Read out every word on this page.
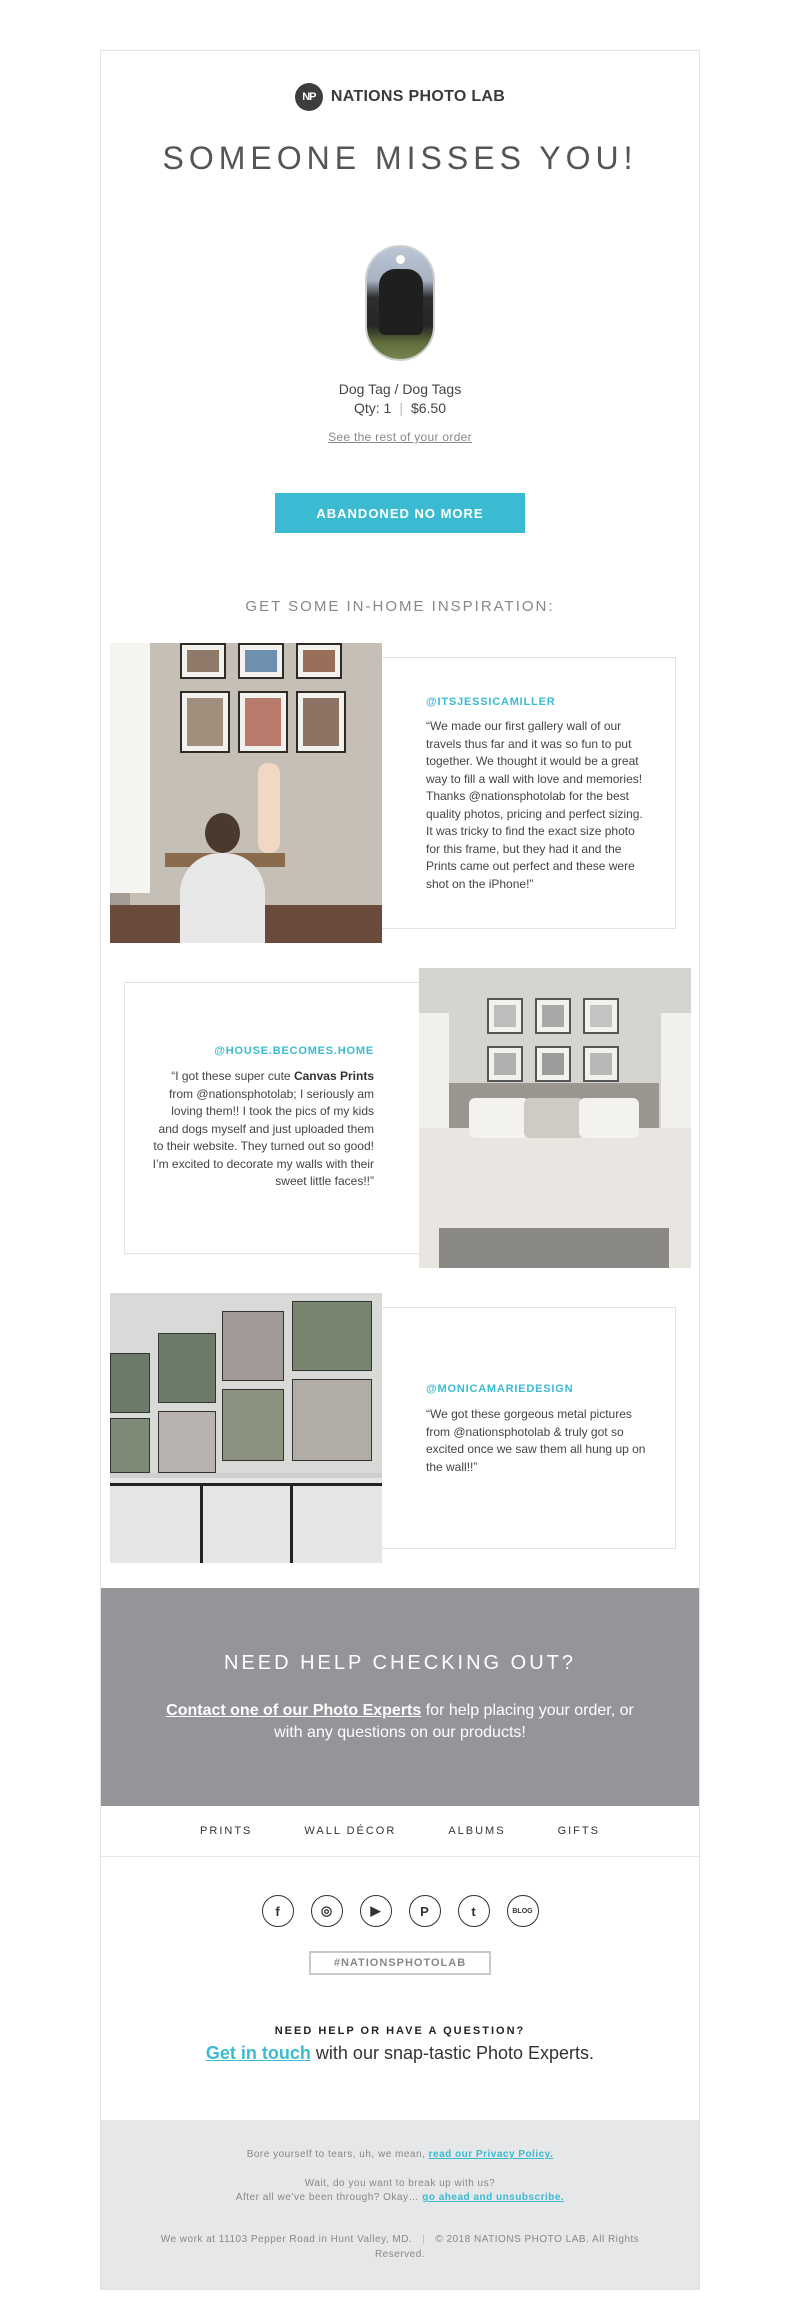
NP NATIONS PHOTO LAB
SOMEONE MISSES YOU!
Dog Tag / Dog Tags
Qty: 1 | $6.50
See the rest of your order
ABANDONED NO MORE
GET SOME IN-HOME INSPIRATION:
@ITSJESSICAMILLER
“We made our first gallery wall of our travels thus far and it was so fun to put together. We thought it would be a great way to fill a wall with love and memories! Thanks @nationsphotolab for the best quality photos, pricing and perfect sizing. It was tricky to find the exact size photo for this frame, but they had it and the Prints came out perfect and these were shot on the iPhone!”
@HOUSE.BECOMES.HOME
“I got these super cute Canvas Prints from @nationsphotolab; I seriously am loving them!! I took the pics of my kids and dogs myself and just uploaded them to their website. They turned out so good! I’m excited to decorate my walls with their sweet little faces!!”
@MONICAMARIEDESIGN
“We got these gorgeous metal pictures from @nationsphotolab & truly got so excited once we saw them all hung up on the wall!!”
NEED HELP CHECKING OUT?
Contact one of our Photo Experts for help placing your order, or with any questions on our products!
PRINTS	WALL DÉCOR	ALBUMS	GIFTS
f	◎	▶	P	t	BLOG
#NATIONSPHOTOLAB
NEED HELP OR HAVE A QUESTION?
Get in touch with our snap-tastic Photo Experts.
Bore yourself to tears, uh, we mean, read our Privacy Policy.
Wait, do you want to break up with us?
After all we’ve been through? Okay… go ahead and unsubscribe.
We work at 11103 Pepper Road in Hunt Valley, MD. | © 2018 NATIONS PHOTO LAB. All Rights Reserved.
